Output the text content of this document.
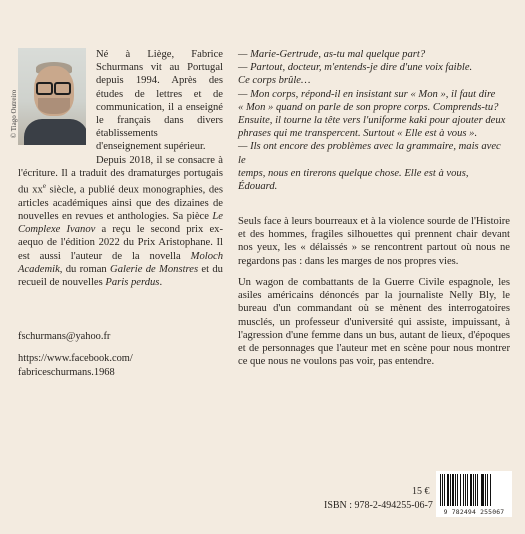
© Tiago Outreiro

Né à Liège, Fabrice Schurmans vit au Portugal depuis 1994. Après des études de lettres et de communication, il a enseigné le français dans divers établissements d'enseignement supérieur.

Depuis 2018, il se consacre à l'écriture. Il a traduit des dramaturges portugais du $xx^e$ siècle, a publié deux monographies, des articles académiques ainsi que des dizaines de nouvelles en revues et anthologies. Sa pièce Le Complexe Ivanov a reçu le second prix ex-aequo de l'édition 2022 du Prix Aristophane. Il est aussi l'auteur de la novella Moloch Academik, du roman Galerie de Monstres et du recueil de nouvelles Paris perdus.

fschurmans@yahoo.fr
https://www.facebook.com/
fabriceschurmans.1968
— Marie-Gertrude, as-tu mal quelque part?
— Partout, docteur, m'entends-je dire d'une voix faible.
Ce corps brûle…
— Mon corps, répond-il en insistant sur « Mon », il faut dire
« Mon » quand on parle de son propre corps. Comprends-tu?
Ensuite, il tourne la tête vers l'uniforme kaki pour ajouter deux
phrases qui me transpercent. Surtout « Elle est à vous ».
— Ils ont encore des problèmes avec la grammaire, mais avec le
temps, nous en tirerons quelque chose. Elle est à vous, Édouard.

Seuls face à leurs bourreaux et à la violence sourde de l'Histoire et des hommes, fragiles silhouettes qui prennent chair devant nos yeux, les « délaissés » se rencontrent partout où nous ne regardons pas : dans les marges de nos propres vies.

Un wagon de combattants de la Guerre Civile espagnole, les asiles américains dénoncés par la journaliste Nelly Bly, le bureau d'un commandant où se mènent des interrogatoires musclés, un professeur d'université qui assiste, impuissant, à l'agression d'une femme dans un bus, autant de lieux, d'époques et de personnages que l'auteur met en scène pour nous montrer ce que nous ne voulons pas voir, pas entendre.

15 €
ISBN : 978-2-494255-06-7
9 782494 255067
